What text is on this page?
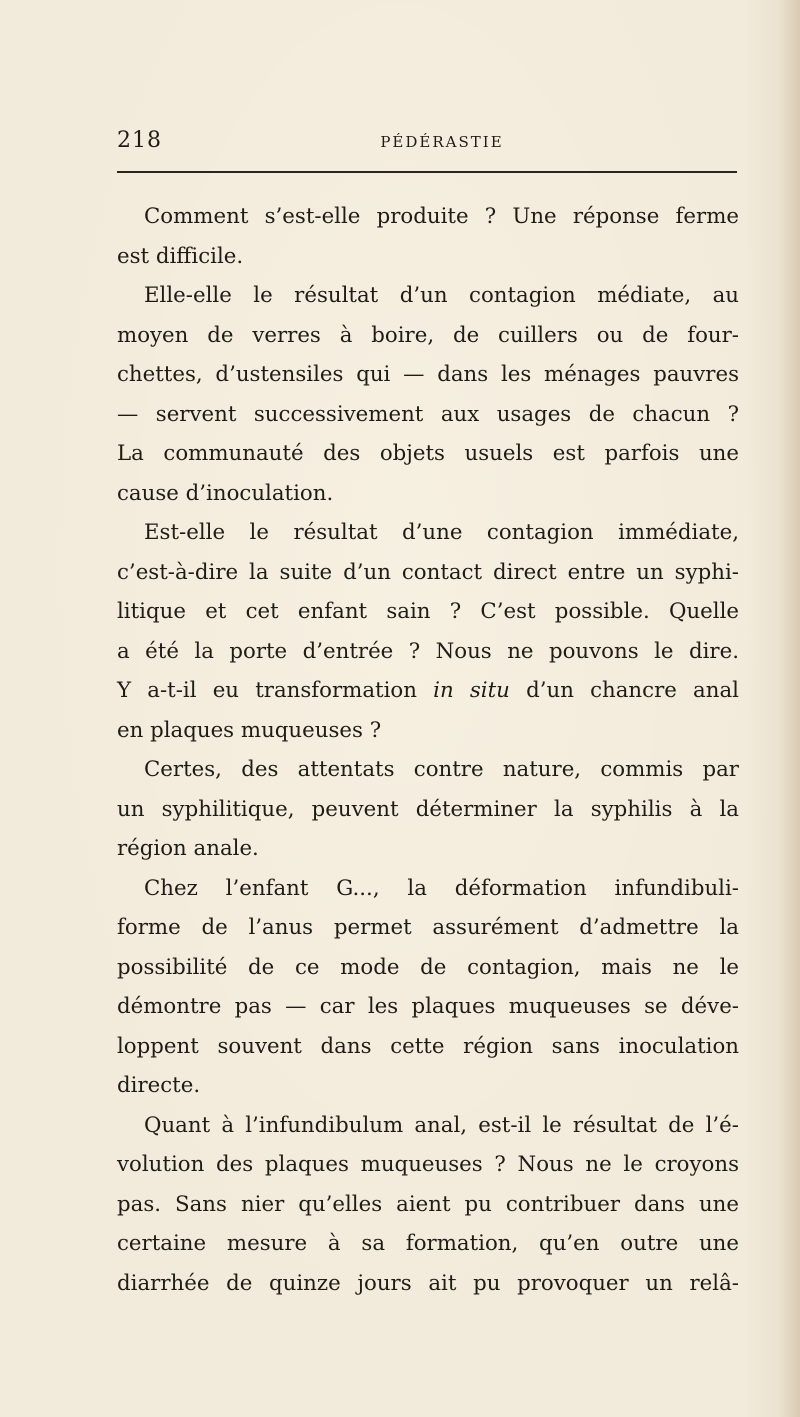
218	PÉDÉRASTIE
Comment s’est-elle produite ? Une réponse ferme
est difficile.
Elle-elle le résultat d’un contagion médiate, au
moyen de verres à boire, de cuillers ou de four-
chettes, d’ustensiles qui — dans les ménages pauvres
— servent successivement aux usages de chacun ?
La communauté des objets usuels est parfois une
cause d’inoculation.
Est-elle le résultat d’une contagion immédiate,
c’est-à-dire la suite d’un contact direct entre un syphi-
litique et cet enfant sain ? C’est possible. Quelle
a été la porte d’entrée ? Nous ne pouvons le dire.
Y a-t-il eu transformation in situ d’un chancre anal
en plaques muqueuses ?
Certes, des attentats contre nature, commis par
un syphilitique, peuvent déterminer la syphilis à la
région anale.
Chez l’enfant G..., la déformation infundibuli-
forme de l’anus permet assurément d’admettre la
possibilité de ce mode de contagion, mais ne le
démontre pas — car les plaques muqueuses se déve-
loppent souvent dans cette région sans inoculation
directe.
Quant à l’infundibulum anal, est-il le résultat de l’é-
volution des plaques muqueuses ? Nous ne le croyons
pas. Sans nier qu’elles aient pu contribuer dans une
certaine mesure à sa formation, qu’en outre une
diarrhée de quinze jours ait pu provoquer un relâ-
